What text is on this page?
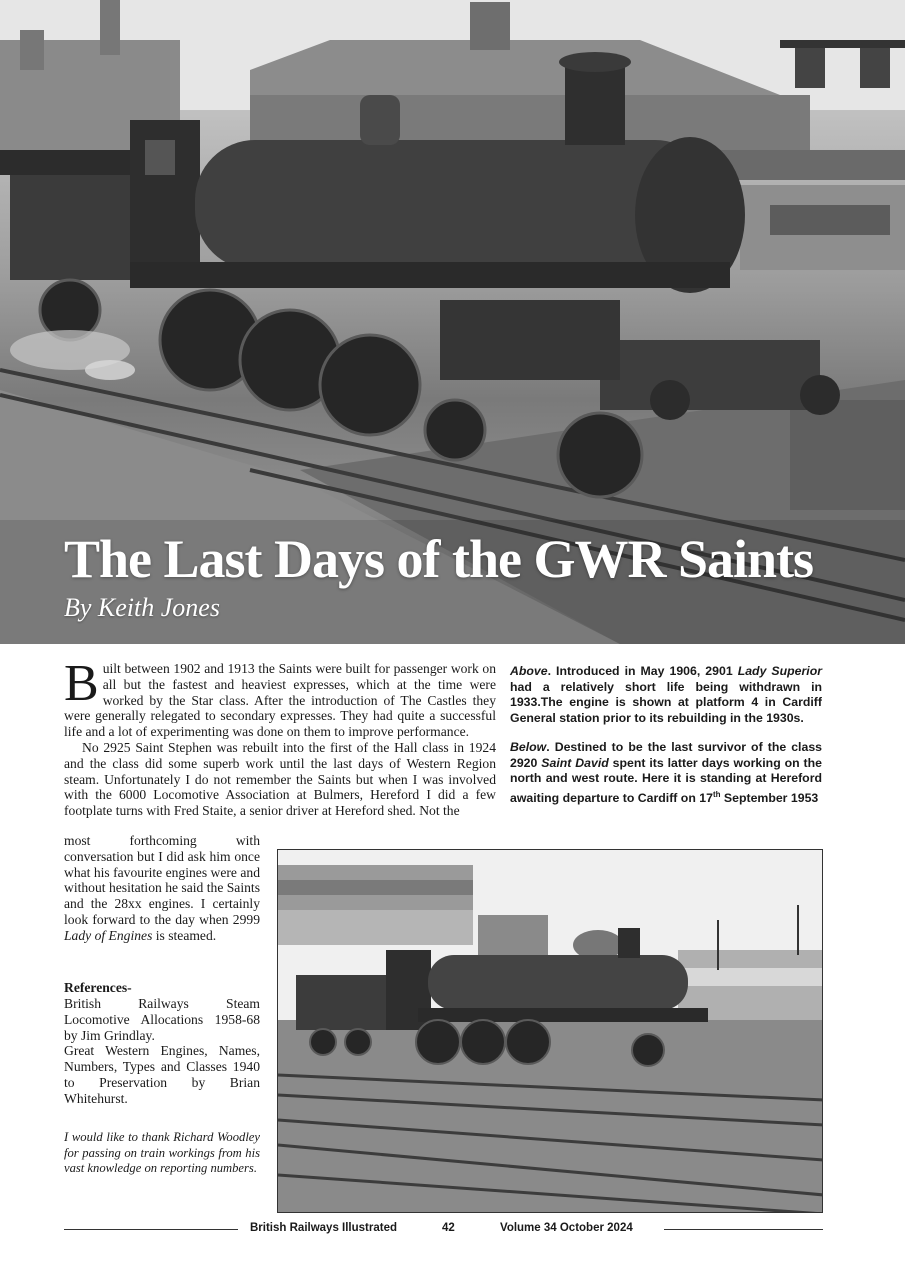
The Last Days of the GWR Saints
By Keith Jones

Built between 1902 and 1913 the Saints were built for passenger work on all but the fastest and heaviest expresses, which at the time were worked by the Star class. After the introduction of The Castles they were generally relegated to secondary expresses. They had quite a successful life and a lot of experimenting was done on them to improve performance.

No 2925 Saint Stephen was rebuilt into the first of the Hall class in 1924 and the class did some superb work until the last days of Western Region steam. Unfortunately I do not remember the Saints but when I was involved with the 6000 Locomotive Association at Bulmers, Hereford I did a few footplate turns with Fred Staite, a senior driver at Hereford shed. Not the

most forthcoming with conversation but I did ask him once what his favourite engines were and without hesitation he said the Saints and the 28xx engines. I certainly look forward to the day when 2999 Lady of Engines is steamed.

References-

British Railways Steam Locomotive Allocations 1958-68 by Jim Grindlay.

Great Western Engines, Names, Numbers, Types and Classes 1940 to Preservation by Brian Whitehurst.

I would like to thank Richard Woodley for passing on train workings from his vast knowledge on reporting numbers.
Above. Introduced in May 1906, 2901 Lady Superior had a relatively short life being withdrawn in 1933.The engine is shown at platform 4 in Cardiff General station prior to its rebuilding in the 1930s.
Below. Destined to be the last survivor of the class 2920 Saint David spent its latter days working on the north and west route. Here it is standing at Hereford awaiting departure to Cardiff on 17th September 1953
British Railways Illustrated	42	Volume 34 October 2024
